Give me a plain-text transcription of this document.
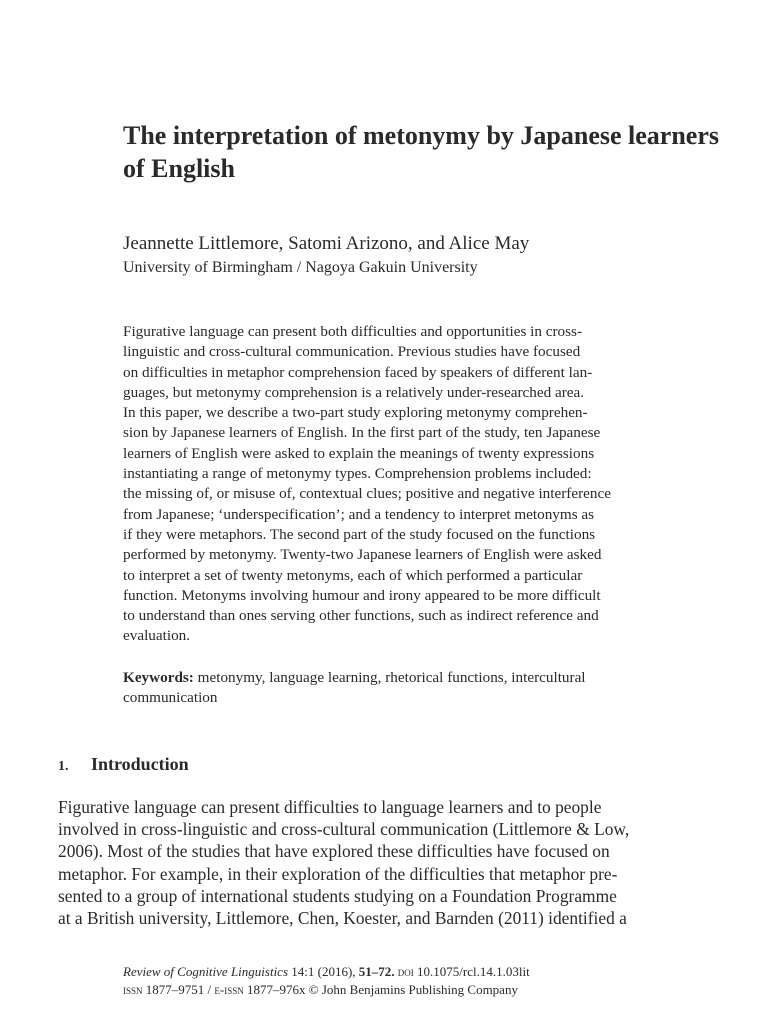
The interpretation of metonymy by Japanese learners of English

Jeannette Littlemore, Satomi Arizono, and Alice May

University of Birmingham / Nagoya Gakuin University

Figurative language can present both difficulties and opportunities in cross-
linguistic and cross-cultural communication. Previous studies have focused
on difficulties in metaphor comprehension faced by speakers of different lan-
guages, but metonymy comprehension is a relatively under-researched area.
In this paper, we describe a two-part study exploring metonymy comprehen-
sion by Japanese learners of English. In the first part of the study, ten Japanese
learners of English were asked to explain the meanings of twenty expressions
instantiating a range of metonymy types. Comprehension problems included:
the missing of, or misuse of, contextual clues; positive and negative interference
from Japanese; ‘underspecification’; and a tendency to interpret metonyms as
if they were metaphors. The second part of the study focused on the functions
performed by metonymy. Twenty-two Japanese learners of English were asked
to interpret a set of twenty metonyms, each of which performed a particular
function. Metonyms involving humour and irony appeared to be more difficult
to understand than ones serving other functions, such as indirect reference and
evaluation.
Keywords: metonymy, language learning, rhetorical functions, intercultural
communication
1. Introduction
Figurative language can present difficulties to language learners and to people
involved in cross-linguistic and cross-cultural communication (Littlemore & Low,
2006). Most of the studies that have explored these difficulties have focused on
metaphor. For example, in their exploration of the difficulties that metaphor pre-
sented to a group of international students studying on a Foundation Programme
at a British university, Littlemore, Chen, Koester, and Barnden (2011) identified a
Review of Cognitive Linguistics 14:1 (2016), 51–72. doi 10.1075/rcl.14.1.03lit
issn 1877–9751 / e-issn 1877–976x © John Benjamins Publishing Company
